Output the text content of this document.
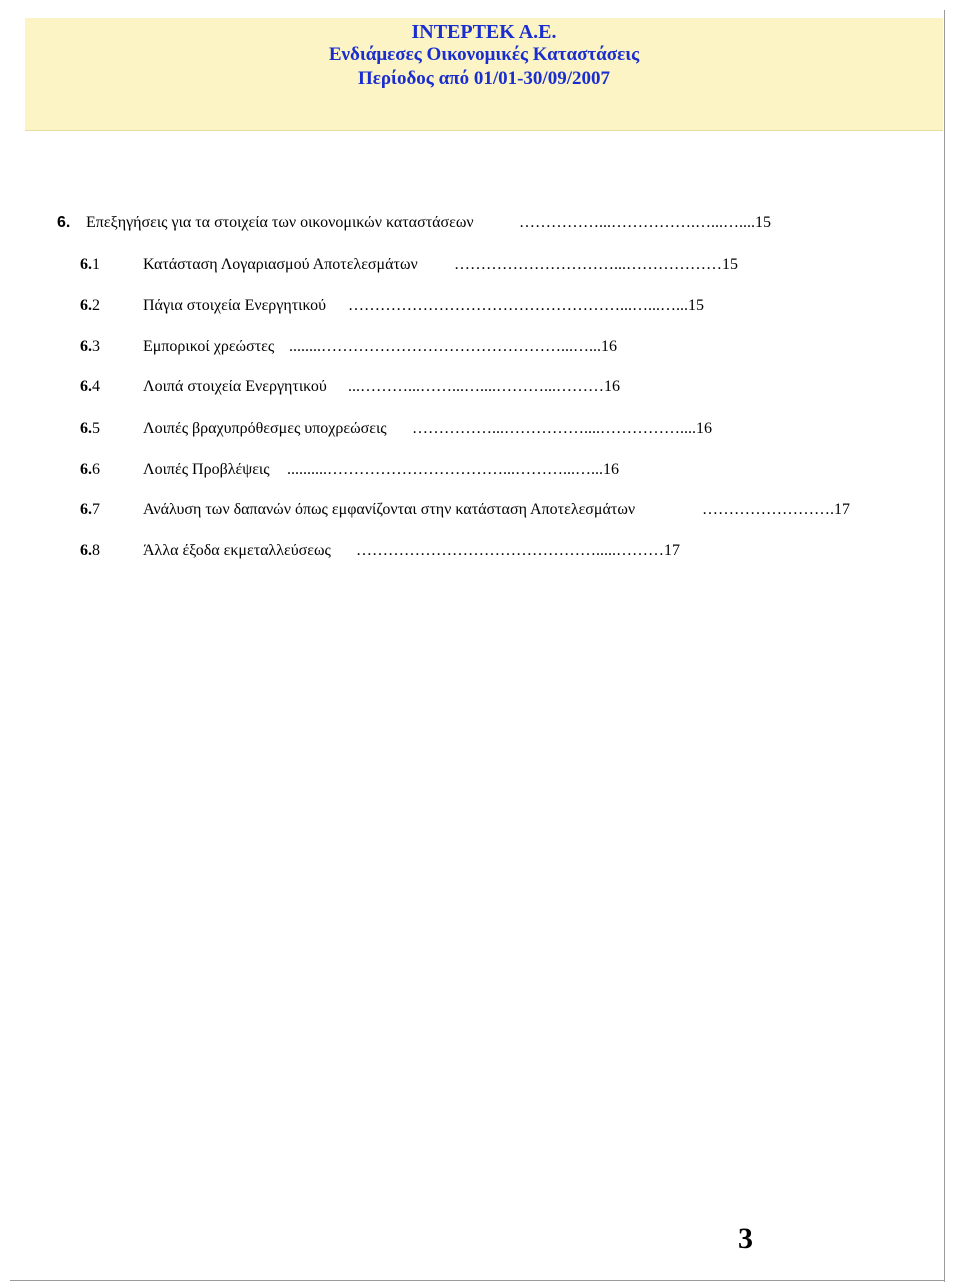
INTEPTEK A.E.
Ενδιάμεσες Οικονομικές Καταστάσεις
Περίοδος από 01/01-30/09/2007
6. Επεξηγήσεις για τα στοιχεία των οικονομικών καταστάσεων	……………...…………….…...…....15
6.1	Κατάσταση Λογαριασμού Αποτελεσμάτων …………………………...………………15
6.2	Πάγια στοιχεία Ενεργητικού ……………………………………………...…...…...15
6.3	Εμπορικοί χρεώστες ........………………………………………...…...16
6.4	Λοιπά στοιχεία Ενεργητικού ...………...……...…....………...………16
6.5	Λοιπές βραχυπρόθεσμες υποχρεώσεις ……………...……………....……………....16
6.6	Λοιπές Προβλέψεις ..........……………………………...………...…...16
6.7	Ανάλυση των δαπανών όπως εμφανίζονται στην κατάσταση Αποτελεσμάτων	…………………….17
6.8	Άλλα έξοδα εκμεταλλεύσεως ……………………………………….....………17
3
